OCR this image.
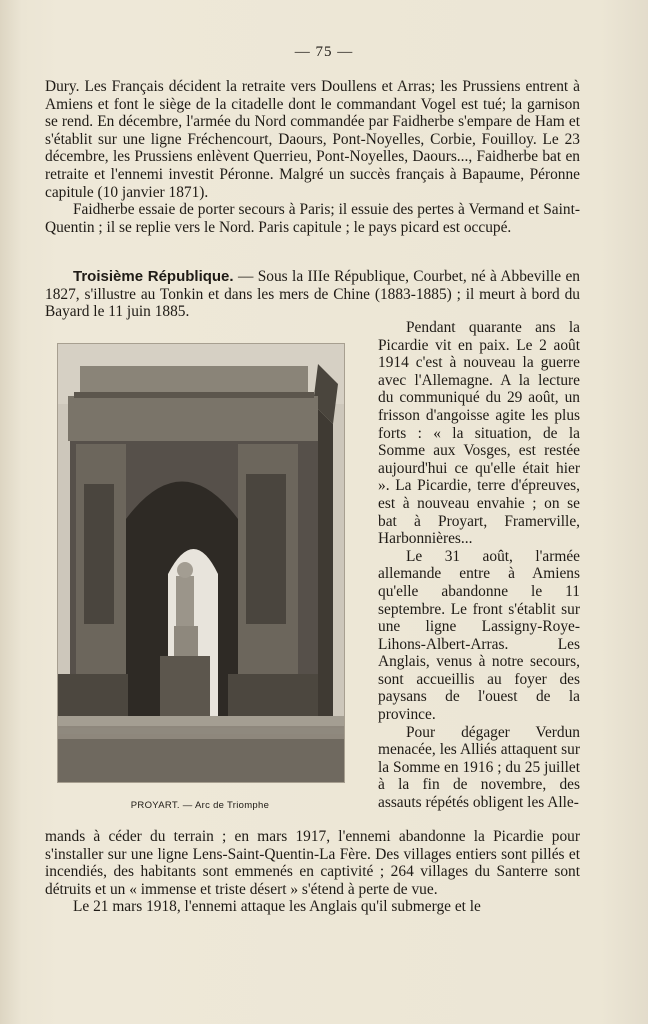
— 75 —

Dury. Les Français décident la retraite vers Doullens et Arras; les Prussiens entrent à Amiens et font le siège de la citadelle dont le commandant Vogel est tué; la garnison se rend. En décembre, l'armée du Nord commandée par Faidherbe s'empare de Ham et s'établit sur une ligne Fréchencourt, Daours, Pont-Noyelles, Corbie, Fouilloy. Le 23 décembre, les Prussiens enlèvent Querrieu, Pont-Noyelles, Daours..., Faidherbe bat en retraite et l'ennemi investit Péronne. Malgré un succès français à Bapaume, Péronne capitule (10 janvier 1871).

Faidherbe essaie de porter secours à Paris; il essuie des pertes à Vermand et Saint-Quentin ; il se replie vers le Nord. Paris capitule ; le pays picard est occupé.

Troisième République. — Sous la IIIe République, Courbet, né à Abbeville en 1827, s'illustre au Tonkin et dans les mers de Chine (1883-1885) ; il meurt à bord du Bayard le 11 juin 1885.

PROYART. — Arc de Triomphe

Pendant quarante ans la Picardie vit en paix. Le 2 août 1914 c'est à nouveau la guerre avec l'Allemagne. A la lecture du communiqué du 29 août, un frisson d'angoisse agite les plus forts : « la situation, de la Somme aux Vosges, est restée aujourd'hui ce qu'elle était hier ». La Picardie, terre d'épreuves, est à nouveau envahie ; on se bat à Proyart, Framerville, Harbonnières...

Le 31 août, l'armée allemande entre à Amiens qu'elle abandonne le 11 septembre. Le front s'établit sur une ligne Lassigny-Roye-Lihons-Albert-Arras. Les Anglais, venus à notre secours, sont accueillis au foyer des paysans de l'ouest de la province.

Pour dégager Verdun menacée, les Alliés attaquent sur la Somme en 1916 ; du 25 juillet à la fin de novembre, des assauts répétés obligent les Alle-

mands à céder du terrain ; en mars 1917, l'ennemi abandonne la Picardie pour s'installer sur une ligne Lens-Saint-Quentin-La Fère. Des villages entiers sont pillés et incendiés, des habitants sont emmenés en captivité ; 264 villages du Santerre sont détruits et un « immense et triste désert » s'étend à perte de vue.

Le 21 mars 1918, l'ennemi attaque les Anglais qu'il submerge et le
